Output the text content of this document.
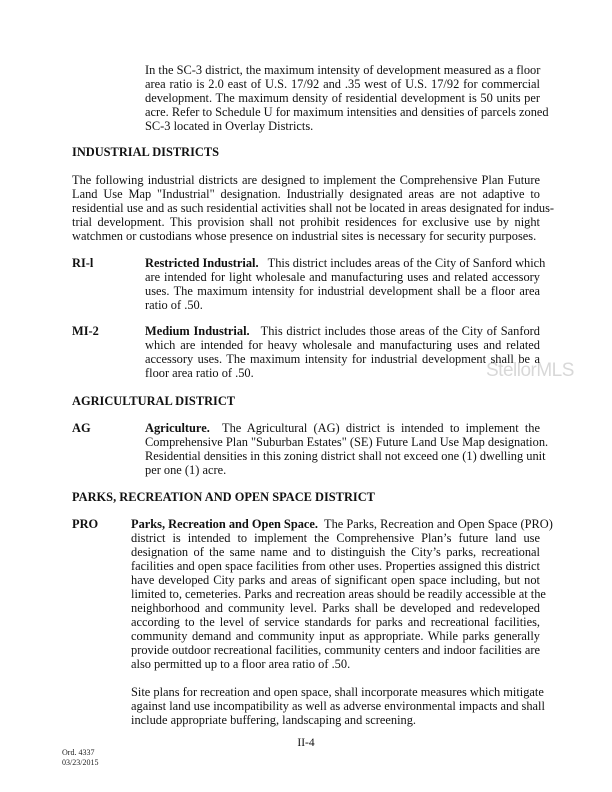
StellorMLS
In the SC-3 district, the maximum intensity of development measured as a floor
area ratio is 2.0 east of U.S. 17/92 and .35 west of U.S. 17/92 for commercial
development. The maximum density of residential development is 50 units per
acre. Refer to Schedule U for maximum intensities and densities of parcels zoned
SC-3 located in Overlay Districts.
INDUSTRIAL DISTRICTS
The following industrial districts are designed to implement the Comprehensive Plan Future
Land Use Map "Industrial" designation. Industrially designated areas are not adaptive to
residential use and as such residential activities shall not be located in areas designated for indus-
trial development. This provision shall not prohibit residences for exclusive use by night
watchmen or custodians whose presence on industrial sites is necessary for security purposes.
RI-l	Restricted Industrial. This district includes areas of the City of Sanford which
are intended for light wholesale and manufacturing uses and related accessory
uses. The maximum intensity for industrial development shall be a floor area
ratio of .50.
MI-2	Medium Industrial. This district includes those areas of the City of Sanford
which are intended for heavy wholesale and manufacturing uses and related
accessory uses. The maximum intensity for industrial development shall be a
floor area ratio of .50.
AGRICULTURAL DISTRICT
AG	Agriculture. The Agricultural (AG) district is intended to implement the
Comprehensive Plan "Suburban Estates" (SE) Future Land Use Map designation.
Residential densities in this zoning district shall not exceed one (1) dwelling unit
per one (1) acre.
PARKS, RECREATION AND OPEN SPACE DISTRICT
PRO	Parks, Recreation and Open Space. The Parks, Recreation and Open Space (PRO)
district is intended to implement the Comprehensive Plan’s future land use
designation of the same name and to distinguish the City’s parks, recreational
facilities and open space facilities from other uses. Properties assigned this district
have developed City parks and areas of significant open space including, but not
limited to, cemeteries. Parks and recreation areas should be readily accessible at the
neighborhood and community level. Parks shall be developed and redeveloped
according to the level of service standards for parks and recreational facilities,
community demand and community input as appropriate. While parks generally
provide outdoor recreational facilities, community centers and indoor facilities are
also permitted up to a floor area ratio of .50.
Site plans for recreation and open space, shall incorporate measures which mitigate
against land use incompatibility as well as adverse environmental impacts and shall
include appropriate buffering, landscaping and screening.
II-4
Ord. 4337
03/23/2015
